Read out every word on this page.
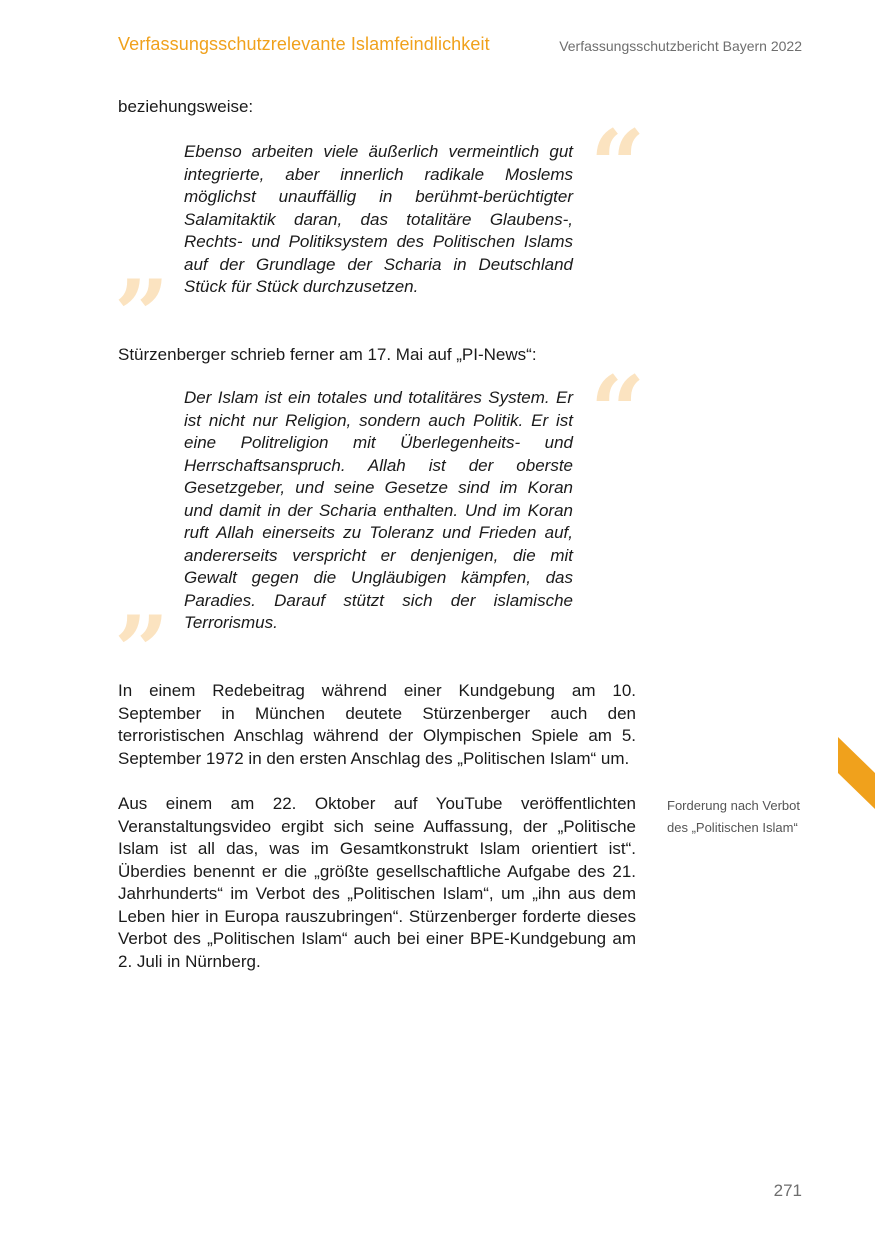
Verfassungsschutzrelevante Islamfeindlichkeit	Verfassungsschutzbericht Bayern 2022

beziehungsweise:

“

Ebenso arbeiten viele äußerlich vermeintlich gut integrierte, aber innerlich radikale Moslems möglichst unauffällig in berühmt-berüchtigter Salamitaktik daran, das totalitäre Glaubens-, Rechts- und Politiksystem des Politischen Islams auf der Grundlage der Scharia in Deutschland Stück für Stück durchzusetzen.

”

Stürzenberger schrieb ferner am 17. Mai auf „PI-News“:

“

Der Islam ist ein totales und totalitäres System. Er ist nicht nur Religion, sondern auch Politik. Er ist eine Politreligion mit Überlegenheits- und Herrschaftsanspruch. Allah ist der oberste Gesetzgeber, und seine Gesetze sind im Koran und damit in der Scharia enthalten. Und im Koran ruft Allah einerseits zu Toleranz und Frieden auf, andererseits verspricht er denjenigen, die mit Gewalt gegen die Ungläubigen kämpfen, das Paradies. Darauf stützt sich der islamische Terrorismus.

”

In einem Redebeitrag während einer Kundgebung am 10. September in München deutete Stürzenberger auch den terroristischen Anschlag während der Olympischen Spiele am 5. September 1972 in den ersten Anschlag des „Politischen Islam“ um.

Aus einem am 22. Oktober auf YouTube veröffentlichten Veranstaltungsvideo ergibt sich seine Auffassung, der „Politische Islam ist all das, was im Gesamtkonstrukt Islam orientiert ist“. Überdies benennt er die „größte gesellschaftliche Aufgabe des 21. Jahrhunderts“ im Verbot des „Politischen Islam“, um „ihn aus dem Leben hier in Europa rauszubringen“. Stürzenberger forderte dieses Verbot des „Politischen Islam“ auch bei einer BPE-Kundgebung am 2. Juli in Nürnberg.

Forderung nach Verbot des „Politischen Islam“
271
